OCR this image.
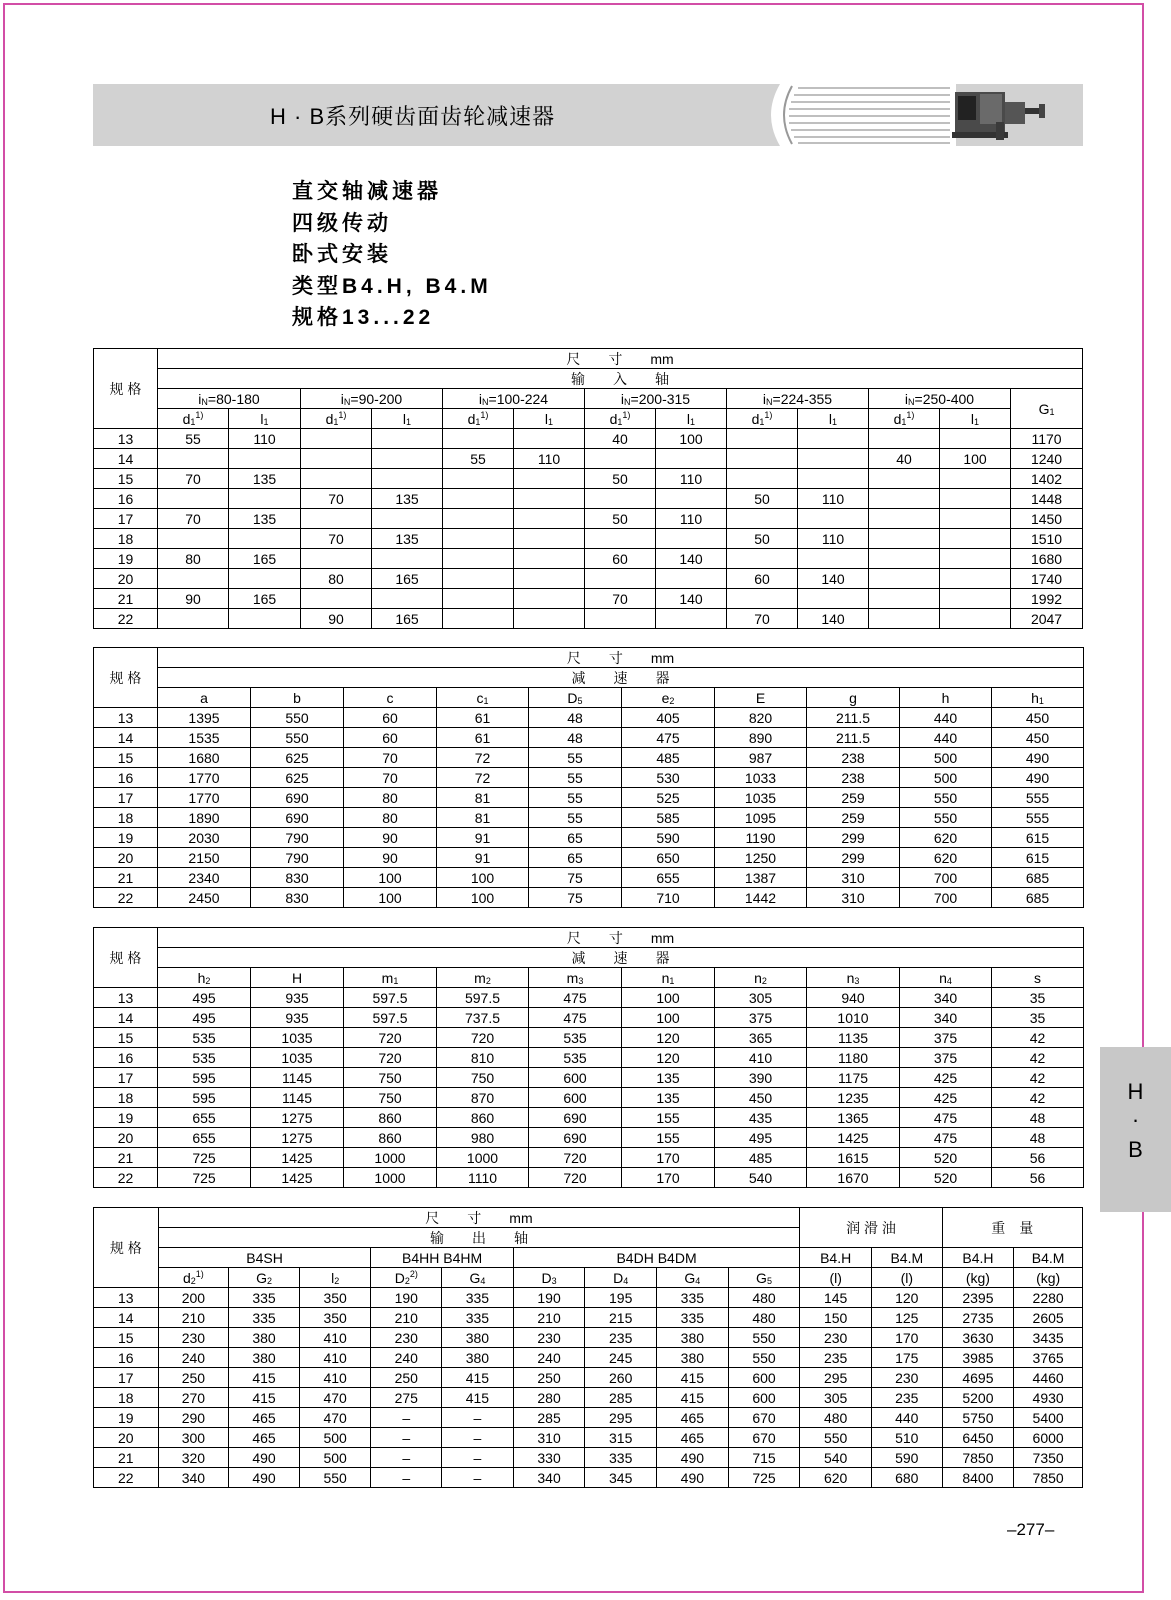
H · B系列硬齿面齿轮减速器
直交轴减速器
四级传动
卧式安装
类型B4.H, B4.M
规格13...22
规 格	尺　　寸　　mm												
	输　　入　　轴												
	$i_N=80-180$		$i_N=90-200$		$i_N=100-224$		$i_N=200-315$		$i_N=224-355$		$i_N=250-400$		$G_1$
	$d_1^{1)}$	$l_1$	$d_1^{1)}$	$l_1$	$d_1^{1)}$	$l_1$	$d_1^{1)}$	$l_1$	$d_1^{1)}$	$l_1$	$d_1^{1)}$	$l_1$
13	55	110					40	100					1170
14					55	110					40	100	1240
15	70	135					50	110					1402
16			70	135					50	110			1448
17	70	135					50	110					1450
18			70	135					50	110			1510
19	80	165					60	140					1680
20			80	165					60	140			1740
21	90	165					70	140					1992
22			90	165					70	140			2047
规 格	尺　　寸　　mm									
	减　　速　　器									
	a	b	c	$c_1$	$D_5$	$e_2$	E	g	h	$h_1$
13	1395	550	60	61	48	405	820	211.5	440	450
14	1535	550	60	61	48	475	890	211.5	440	450
15	1680	625	70	72	55	485	987	238	500	490
16	1770	625	70	72	55	530	1033	238	500	490
17	1770	690	80	81	55	525	1035	259	550	555
18	1890	690	80	81	55	585	1095	259	550	555
19	2030	790	90	91	65	590	1190	299	620	615
20	2150	790	90	91	65	650	1250	299	620	615
21	2340	830	100	100	75	655	1387	310	700	685
22	2450	830	100	100	75	710	1442	310	700	685
规 格	尺　　寸　　mm									
	减　　速　　器									
	$h_2$	H	$m_1$	$m_2$	$m_3$	$n_1$	$n_2$	$n_3$	$n_4$	s
13	495	935	597.5	597.5	475	100	305	940	340	35
14	495	935	597.5	737.5	475	100	375	1010	340	35
15	535	1035	720	720	535	120	365	1135	375	42
16	535	1035	720	810	535	120	410	1180	375	42
17	595	1145	750	750	600	135	390	1175	425	42
18	595	1145	750	870	600	135	450	1235	425	42
19	655	1275	860	860	690	155	435	1365	475	48
20	655	1275	860	980	690	155	495	1425	475	48
21	725	1425	1000	1000	720	170	485	1615	520	56
22	725	1425	1000	1110	720	170	540	1670	520	56
规 格	尺　　寸　　mm									润 滑 油		重　量	
	输　　出　　轴												
	B4SH			B4HH B4HM		B4DH B4DM				B4.H	B4.M	B4.H	B4.M
	$d_2^{1)}$	$G_2$	$l_2$	$D_2^{2)}$	$G_4$	$D_3$	$D_4$	$G_4$	$G_5$	(l)	(l)	(kg)	(kg)
13	200	335	350	190	335	190	195	335	480	145	120	2395	2280
14	210	335	350	210	335	210	215	335	480	150	125	2735	2605
15	230	380	410	230	380	230	235	380	550	230	170	3630	3435
16	240	380	410	240	380	240	245	380	550	235	175	3985	3765
17	250	415	410	250	415	250	260	415	600	295	230	4695	4460
18	270	415	470	275	415	280	285	415	600	305	235	5200	4930
19	290	465	470	–	–	285	295	465	670	480	440	5750	5400
20	300	465	500	–	–	310	315	465	670	550	510	6450	6000
21	320	490	500	–	–	330	335	490	715	540	590	7850	7350
22	340	490	550	–	–	340	345	490	725	620	680	8400	7850
H
·
B
–277–
